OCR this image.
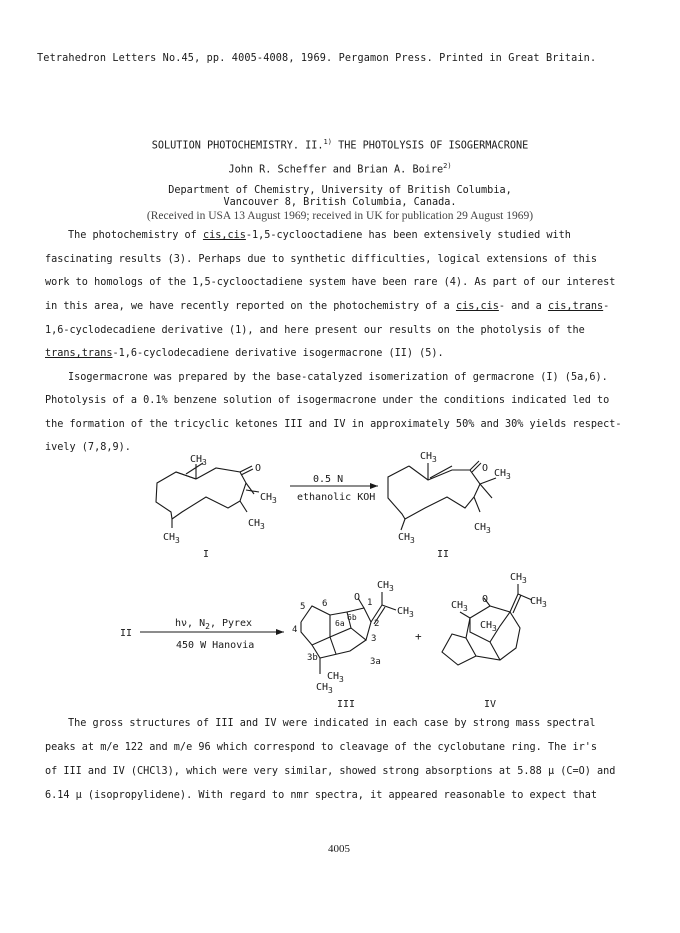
Tetrahedron Letters No.45, pp. 4005-4008, 1969. Pergamon Press. Printed in Great Britain.
SOLUTION PHOTOCHEMISTRY. II.$^{1)}$ THE PHOTOLYSIS OF ISOGERMACRONE
John R. Scheffer and Brian A. Boire$^{2)}$
Department of Chemistry, University of British Columbia,
Vancouver 8, British Columbia, Canada.
(Received in USA 13 August 1969; received in UK for publication 29 August 1969)
The photochemistry of cis,cis-1,5-cyclooctadiene has been extensively studied with
fascinating results (3). Perhaps due to synthetic difficulties, logical extensions of this
work to homologs of the 1,5-cyclooctadiene system have been rare (4). As part of our interest
in this area, we have recently reported on the photochemistry of a cis,cis- and a cis,trans-
1,6-cyclodecadiene derivative (1), and here present our results on the photolysis of the
trans,trans-1,6-cyclodecadiene derivative isogermacrone (II) (5).
Isogermacrone was prepared by the base-catalyzed isomerization of germacrone (I) (5a,6).
Photolysis of a 0.1% benzene solution of isogermacrone under the conditions indicated led to
the formation of the tricyclic ketones III and IV in approximately 50% and 30% yields respect-
ively (7,8,9).
The gross structures of III and IV were indicated in each case by strong mass spectral
peaks at m/e 122 and m/e 96 which correspond to cleavage of the cyclobutane ring. The ir's
of III and IV (CHCl3), which were very similar, showed strong absorptions at 5.88 μ (C=O) and
6.14 μ (isopropylidene). With regard to nmr spectra, it appeared reasonable to expect that
4005
$CH_3$
O
$CH_3$
$CH_3$
$CH_3$
I
0.5 N
ethanolic KOH
$CH_3$
O $CH_3$
$CH_3$
$CH_3$
II
II
hν, $N_2$, Pyrex
450 W Hanovia
$CH_3$
O
$CH_3$
$CH_3$
$CH_3$
5 6	1
6a
6b
2
4
3
3b	3a
III
+
$CH_3$
O	$CH_3$
$CH_3$
$CH_3$
IV
